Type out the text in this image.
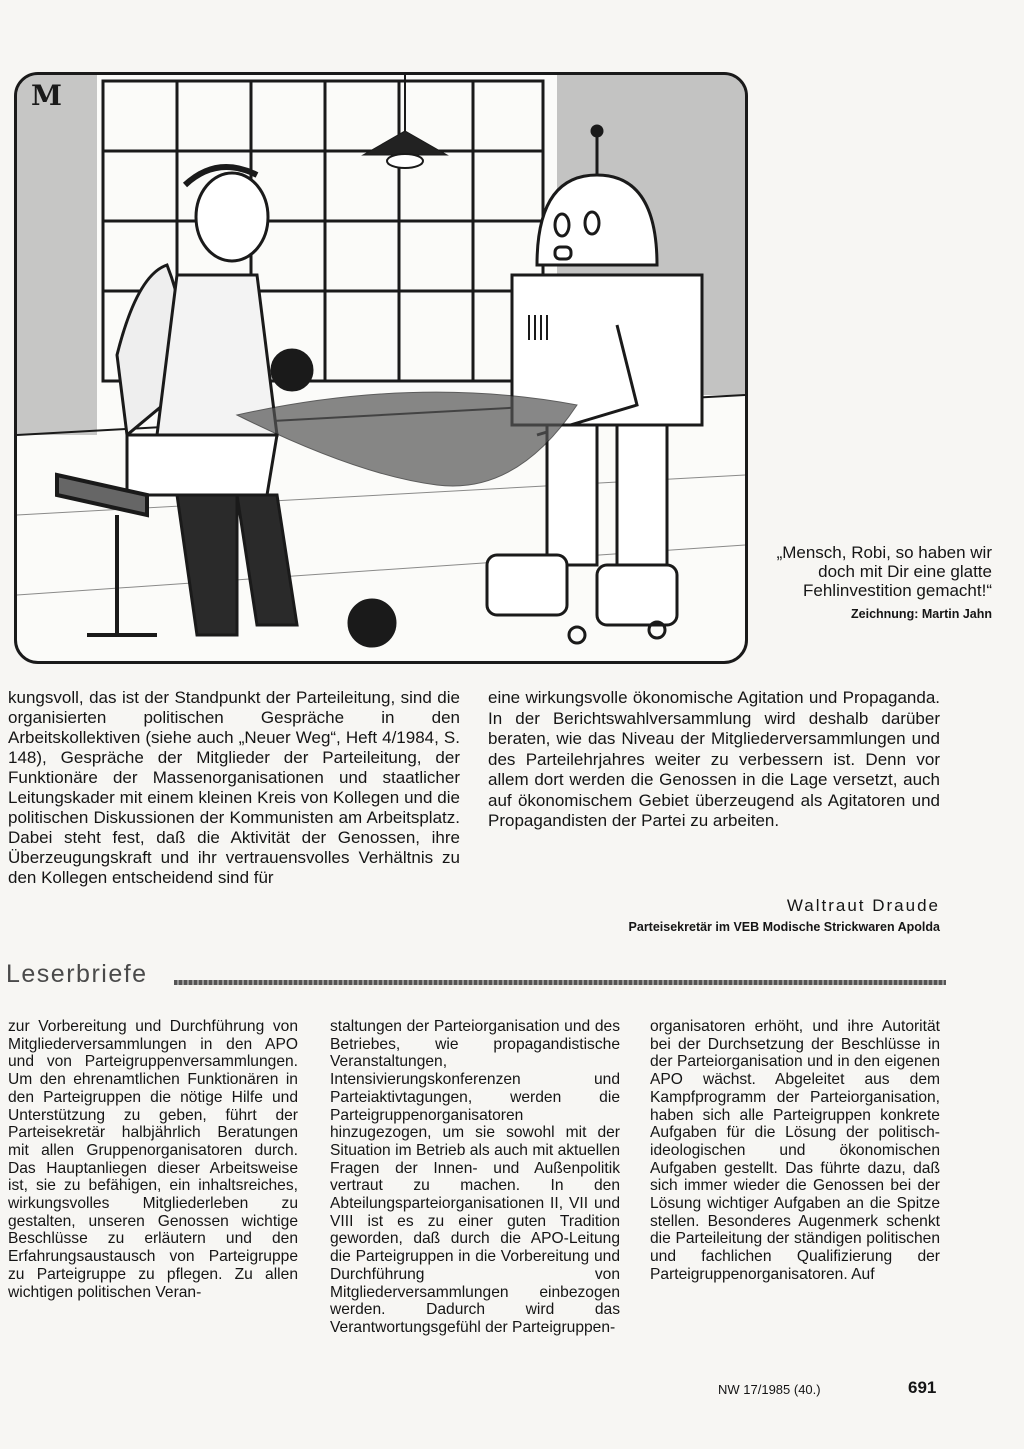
M
„Mensch, Robi, so haben wir doch mit Dir eine glatte Fehlinvestition gemacht!“
Zeichnung: Martin Jahn
kungsvoll, das ist der Standpunkt der Parteileitung, sind die organisierten politischen Gespräche in den Arbeitskollektiven (siehe auch „Neuer Weg“, Heft 4/1984, S. 148), Gespräche der Mitglieder der Parteileitung, der Funktionäre der Massenorganisationen und staatlicher Leitungskader mit einem kleinen Kreis von Kollegen und die politischen Diskussionen der Kommunisten am Arbeitsplatz. Dabei steht fest, daß die Aktivität der Genossen, ihre Überzeugungskraft und ihr vertrauensvolles Verhältnis zu den Kollegen entscheidend sind für
eine wirkungsvolle ökonomische Agitation und Propaganda. In der Berichtswahlversammlung wird deshalb darüber beraten, wie das Niveau der Mitgliederversammlungen und des Parteilehrjahres weiter zu verbessern ist. Denn vor allem dort werden die Genossen in die Lage versetzt, auch auf ökonomischem Gebiet überzeugend als Agitatoren und Propagandisten der Partei zu arbeiten.
Waltraut Draude
Parteisekretär im VEB Modische Strickwaren Apolda
Leserbriefe
zur Vorbereitung und Durchführung von Mitgliederversammlungen in den APO und von Parteigruppenversammlungen. Um den ehrenamtlichen Funktionären in den Parteigruppen die nötige Hilfe und Unterstützung zu geben, führt der Parteisekretär halbjährlich Beratungen mit allen Gruppenorganisatoren durch. Das Hauptanliegen dieser Arbeitsweise ist, sie zu befähigen, ein inhaltsreiches, wirkungsvolles Mitgliederleben zu gestalten, unseren Genossen wichtige Beschlüsse zu erläutern und den Erfahrungsaustausch von Parteigruppe zu Parteigruppe zu pflegen. Zu allen wichtigen politischen Veran-
staltungen der Parteiorganisation und des Betriebes, wie propagandistische Veranstaltungen, Intensivierungskonferenzen und Parteiaktivtagungen, werden die Parteigruppenorganisatoren hinzugezogen, um sie sowohl mit der Situation im Betrieb als auch mit aktuellen Fragen der Innen- und Außenpolitik vertraut zu machen. In den Abteilungsparteiorganisationen II, VII und VIII ist es zu einer guten Tradition geworden, daß durch die APO-Leitung die Parteigruppen in die Vorbereitung und Durchführung von Mitgliederversammlungen einbezogen werden. Dadurch wird das Verantwortungsgefühl der Parteigruppen-
organisatoren erhöht, und ihre Autorität bei der Durchsetzung der Beschlüsse in der Parteiorganisation und in den eigenen APO wächst. Abgeleitet aus dem Kampfprogramm der Parteiorganisation, haben sich alle Parteigruppen konkrete Aufgaben für die Lösung der politisch-ideologischen und ökonomischen Aufgaben gestellt. Das führte dazu, daß sich immer wieder die Genossen bei der Lösung wichtiger Aufgaben an die Spitze stellen. Besonderes Augenmerk schenkt die Parteileitung der ständigen politischen und fachlichen Qualifizierung der Parteigruppenorganisatoren. Auf
NW 17/1985 (40.)	691
